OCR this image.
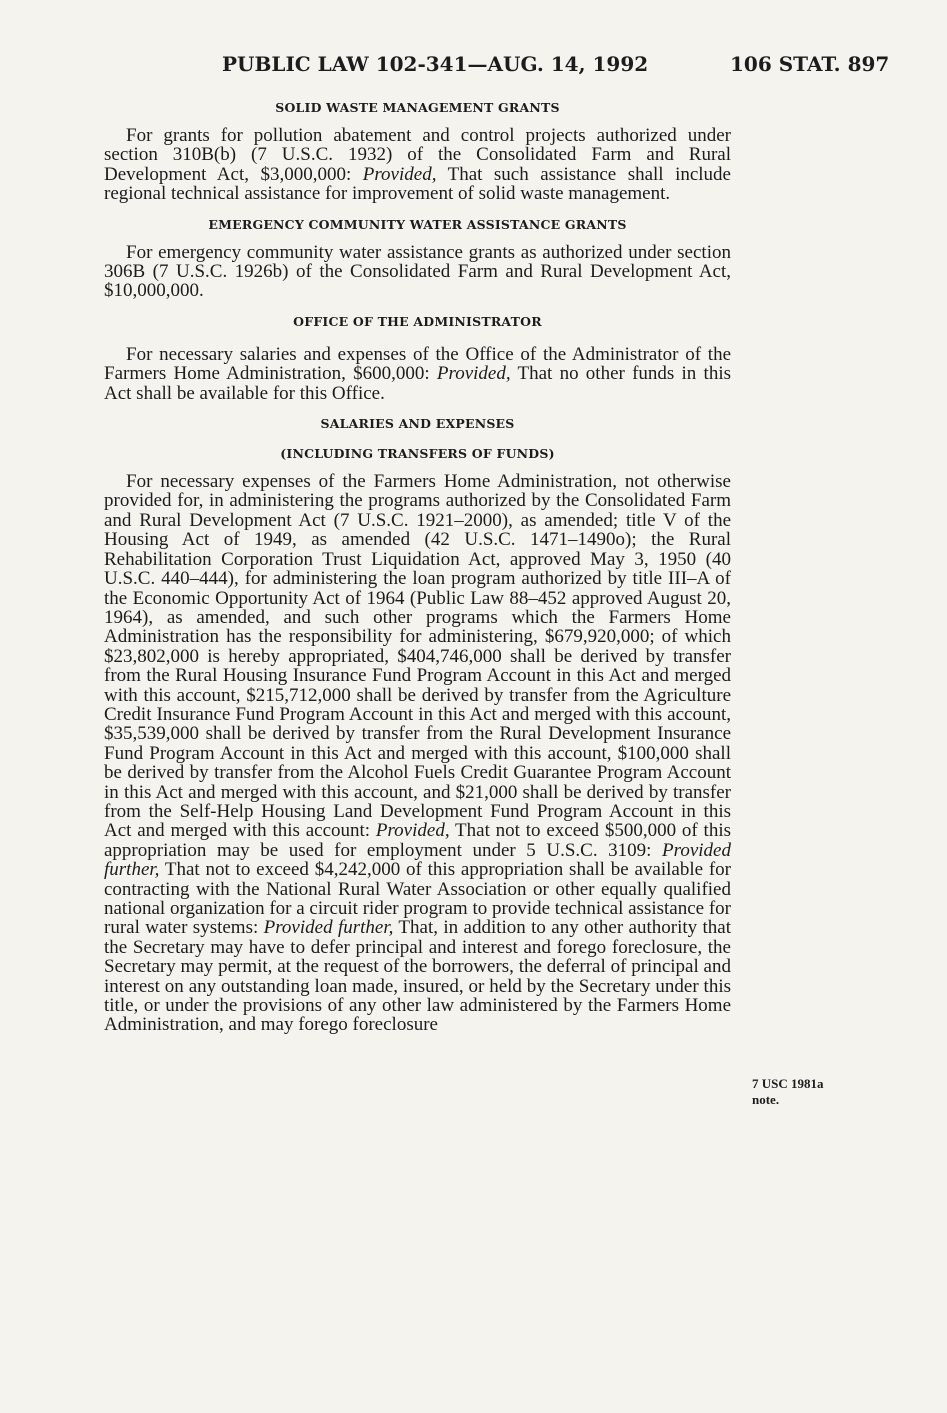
PUBLIC LAW 102-341—AUG. 14, 1992	106 STAT. 897
SOLID WASTE MANAGEMENT GRANTS

For grants for pollution abatement and control projects authorized under section 310B(b) (7 U.S.C. 1932) of the Consolidated Farm and Rural Development Act, $3,000,000: Provided, That such assistance shall include regional technical assistance for improvement of solid waste management.

EMERGENCY COMMUNITY WATER ASSISTANCE GRANTS

For emergency community water assistance grants as authorized under section 306B (7 U.S.C. 1926b) of the Consolidated Farm and Rural Development Act, $10,000,000.

OFFICE OF THE ADMINISTRATOR

For necessary salaries and expenses of the Office of the Administrator of the Farmers Home Administration, $600,000: Provided, That no other funds in this Act shall be available for this Office.

SALARIES AND EXPENSES
(INCLUDING TRANSFERS OF FUNDS)

For necessary expenses of the Farmers Home Administration, not otherwise provided for, in administering the programs authorized by the Consolidated Farm and Rural Development Act (7 U.S.C. 1921–2000), as amended; title V of the Housing Act of 1949, as amended (42 U.S.C. 1471–1490o); the Rural Rehabilitation Corporation Trust Liquidation Act, approved May 3, 1950 (40 U.S.C. 440–444), for administering the loan program authorized by title III–A of the Economic Opportunity Act of 1964 (Public Law 88–452 approved August 20, 1964), as amended, and such other programs which the Farmers Home Administration has the responsibility for administering, $679,920,000; of which $23,802,000 is hereby appropriated, $404,746,000 shall be derived by transfer from the Rural Housing Insurance Fund Program Account in this Act and merged with this account, $215,712,000 shall be derived by transfer from the Agriculture Credit Insurance Fund Program Account in this Act and merged with this account, $35,539,000 shall be derived by transfer from the Rural Development Insurance Fund Program Account in this Act and merged with this account, $100,000 shall be derived by transfer from the Alcohol Fuels Credit Guarantee Program Account in this Act and merged with this account, and $21,000 shall be derived by transfer from the Self-Help Housing Land Development Fund Program Account in this Act and merged with this account: Provided, That not to exceed $500,000 of this appropriation may be used for employment under 5 U.S.C. 3109: Provided further, That not to exceed $4,242,000 of this appropriation shall be available for contracting with the National Rural Water Association or other equally qualified national organization for a circuit rider program to provide technical assistance for rural water systems: Provided further, That, in addition to any other authority that the Secretary may have to defer principal and interest and forego foreclosure, the Secretary may permit, at the request of the borrowers, the deferral of principal and interest on any outstanding loan made, insured, or held by the Secretary under this title, or under the provisions of any other law administered by the Farmers Home Administration, and may forego foreclosure

7 USC 1981a
note.
